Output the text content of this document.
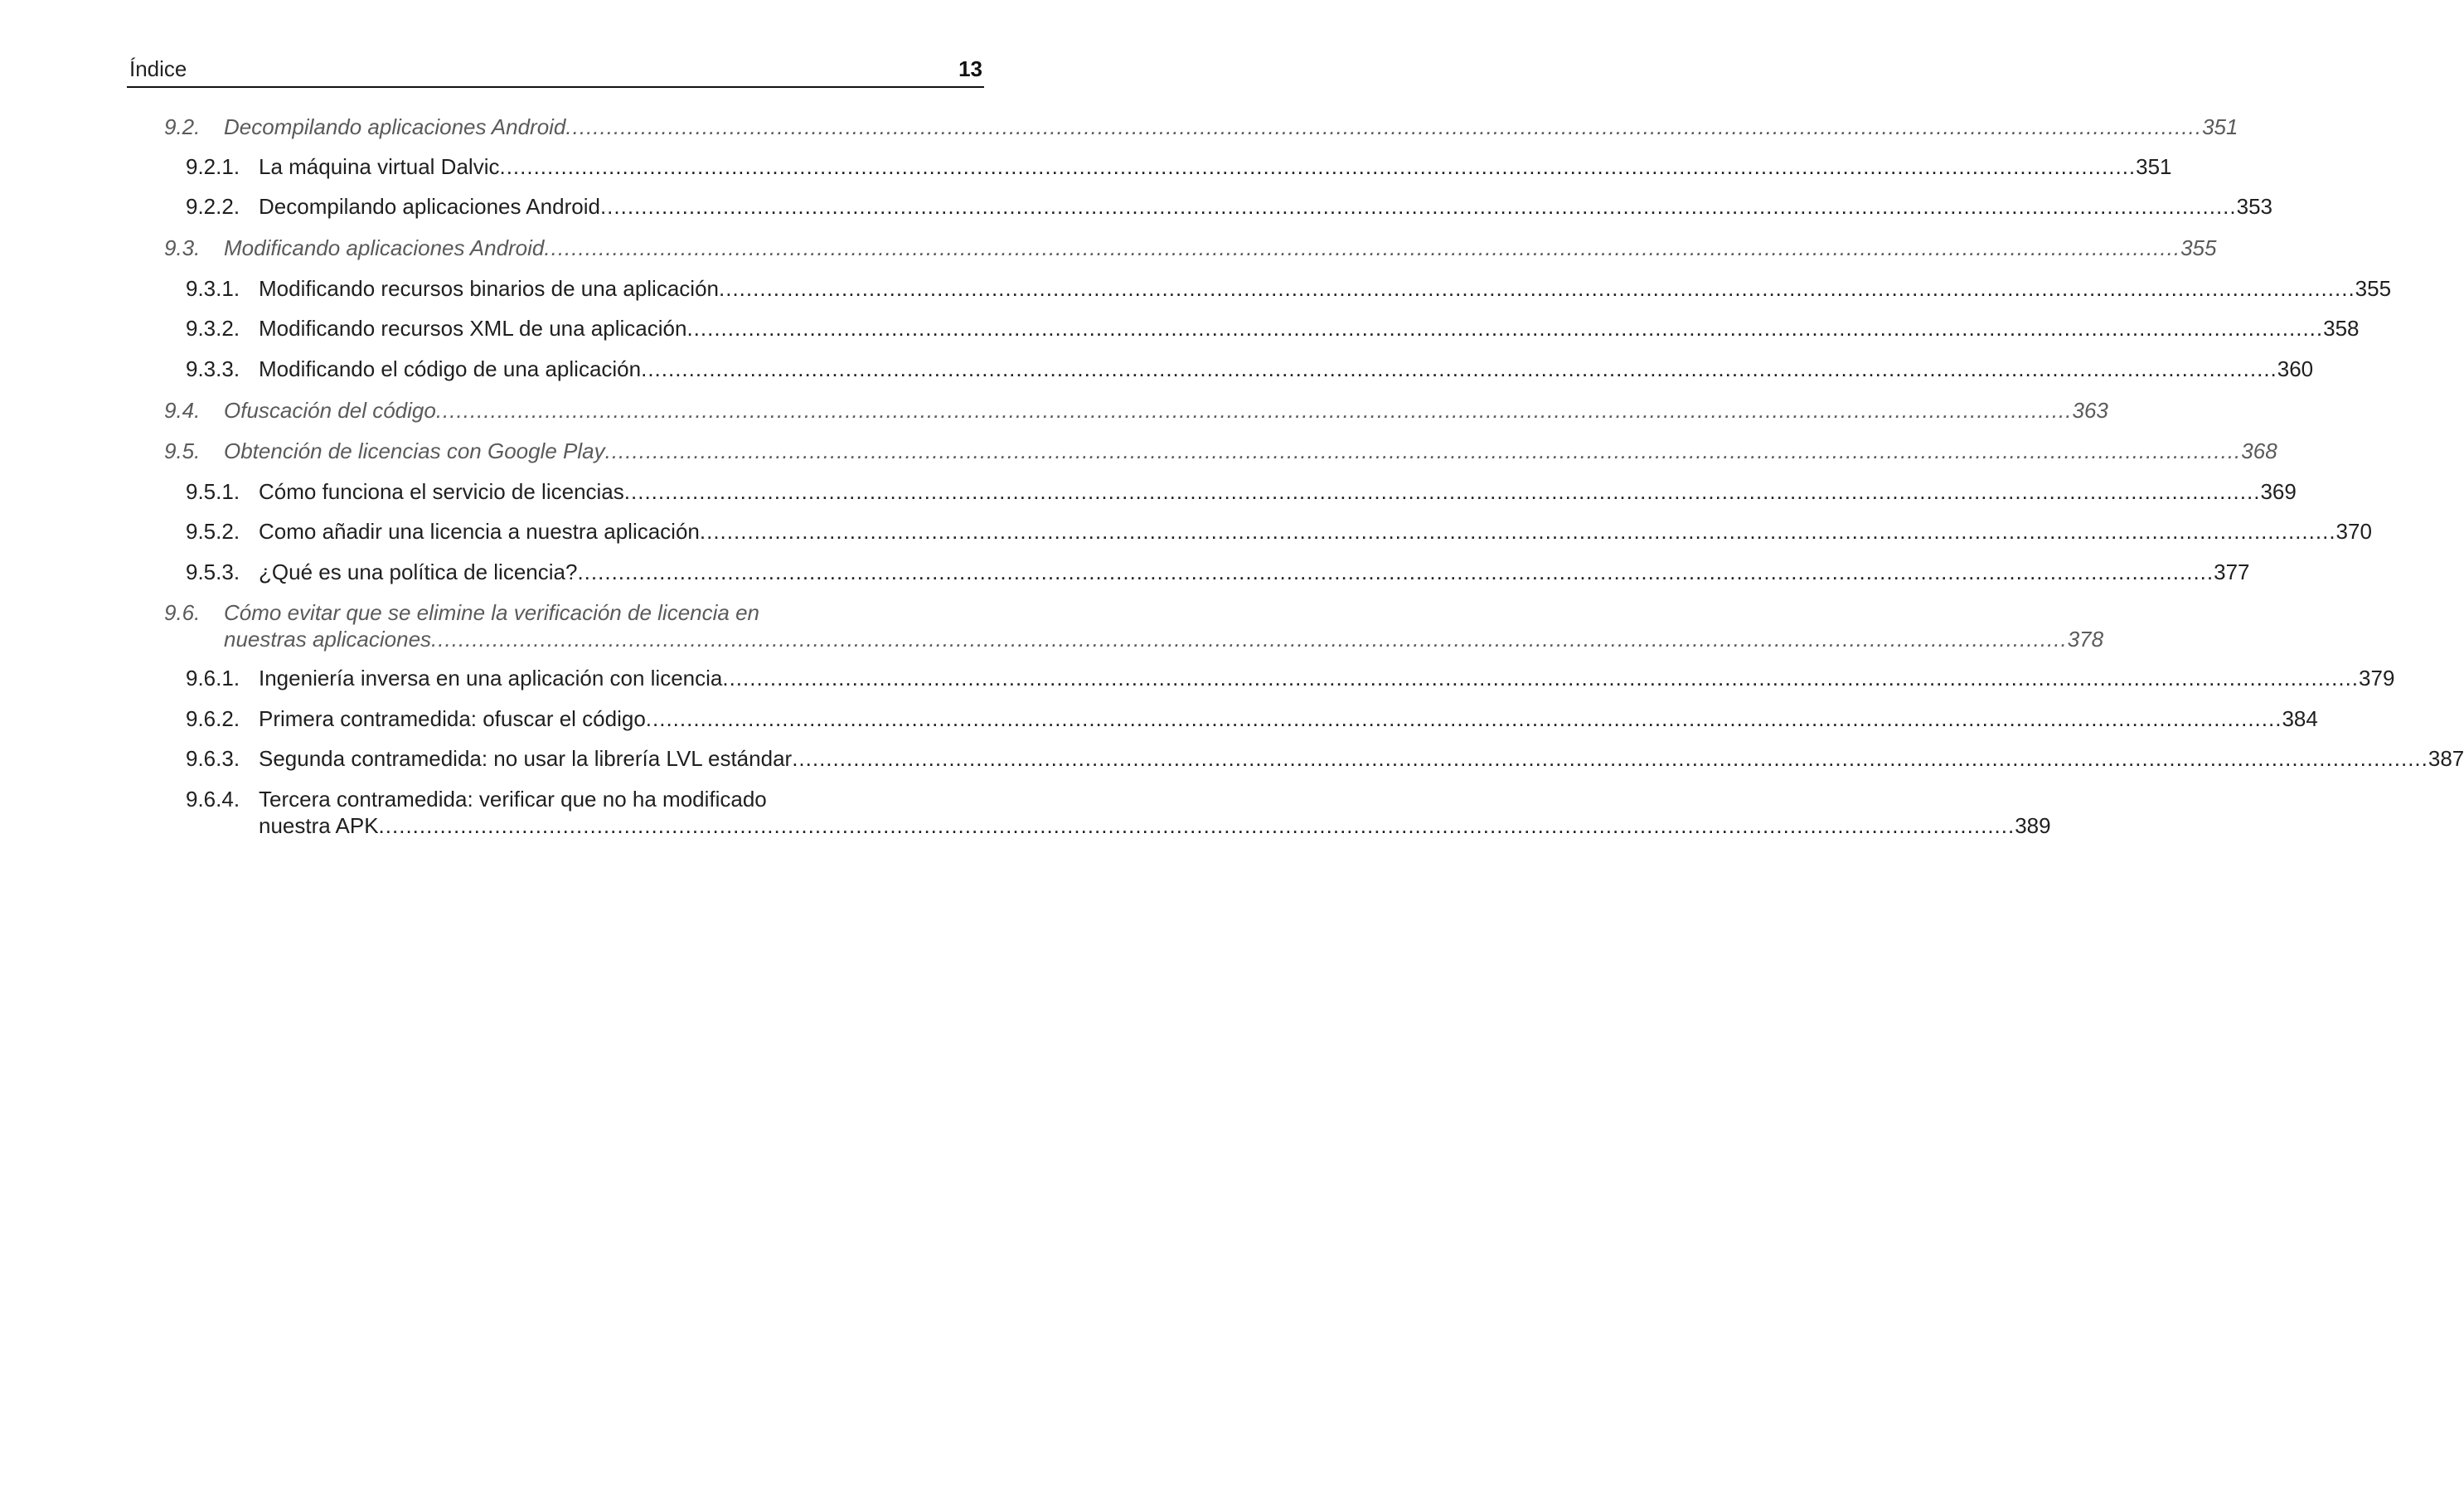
Índice	13
9.2.	Decompilando aplicaciones Android .....	351
9.2.1. La máquina virtual Dalvic .....	351
9.2.2. Decompilando aplicaciones Android .....	353
9.3.	Modificando aplicaciones Android .....	355
9.3.1. Modificando recursos binarios de una aplicación .....	355
9.3.2. Modificando recursos XML de una aplicación .....	358
9.3.3. Modificando el código de una aplicación .....	360
9.4.	Ofuscación del código .....	363
9.5.	Obtención de licencias con Google Play .....	368
9.5.1. Cómo funciona el servicio de licencias .....	369
9.5.2. Como añadir una licencia a nuestra aplicación .....	370
9.5.3. ¿Qué es una política de licencia? .....	377
9.6.	Cómo evitar que se elimine la verificación de licencia en
nuestras aplicaciones .....	378
9.6.1. Ingeniería inversa en una aplicación con licencia .....	379
9.6.2. Primera contramedida: ofuscar el código .....	384
9.6.3. Segunda contramedida: no usar la librería LVL estándar .....	387
9.6.4. Tercera contramedida: verificar que no ha modificado
nuestra APK .....	389
